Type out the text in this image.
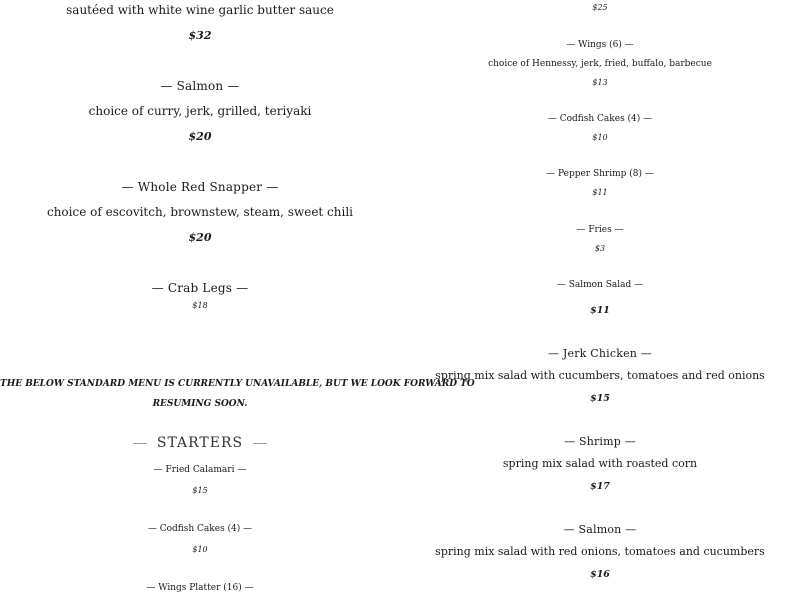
sautéed with white wine garlic butter sauce
$32
— Salmon —
choice of curry, jerk, grilled, teriyaki
$20
— Whole Red Snapper —
choice of escovitch, brownstew, steam, sweet chili
$20
— Crab Legs —
$18
THE BELOW STANDARD MENU IS CURRENTLY UNAVAILABLE, BUT WE LOOK FORWARD TO
RESUMING SOON.
STARTERS
— Fried Calamari —
$15
— Codfish Cakes (4) —
$10
— Wings Platter (16) —
$25
— Wings (6) —
choice of Hennessy, jerk, fried, buffalo, barbecue
$13
— Codfish Cakes (4) —
$10
— Pepper Shrimp (8) —
$11
— Fries —
$3
— Salmon Salad —
$11
— Jerk Chicken —
spring mix salad with cucumbers, tomatoes and red onions
$15
— Shrimp —
spring mix salad with roasted corn
$17
— Salmon —
spring mix salad with red onions, tomatoes and cucumbers
$16
